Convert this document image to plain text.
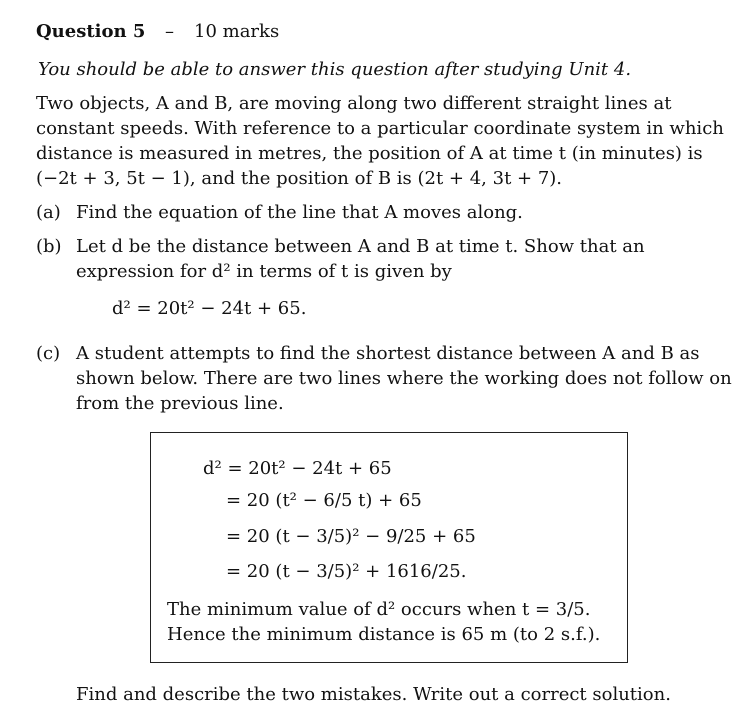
Question 5 – 10 marks
You should be able to answer this question after studying Unit 4.
Two objects, A and B, are moving along two different straight lines at
constant speeds. With reference to a particular coordinate system in which
distance is measured in metres, the position of A at time t (in minutes) is
(−2t + 3, 5t − 1), and the position of B is (2t + 4, 3t + 7).
(a) Find the equation of the line that A moves along.
(b) Let d be the distance between A and B at time t. Show that an
expression for d² in terms of t is given by
d² = 20t² − 24t + 65.
(c) A student attempts to find the shortest distance between A and B as
shown below. There are two lines where the working does not follow on
from the previous line.
d² = 20t² − 24t + 65
= 20 (t² − 6/5 t) + 65
= 20 (t − 3/5)² − 9/25 + 65
= 20 (t − 3/5)² + 1616/25.
The minimum value of d² occurs when t = 3/5.
Hence the minimum distance is 65 m (to 2 s.f.).
Find and describe the two mistakes. Write out a correct solution.
